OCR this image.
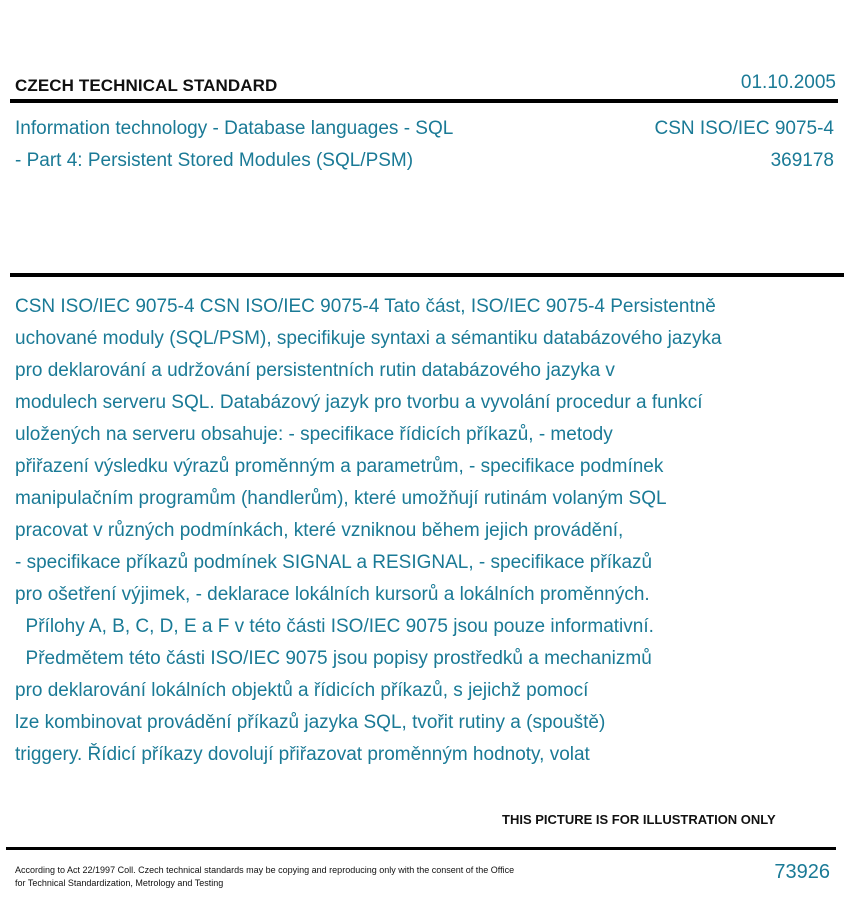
CZECH TECHNICAL STANDARD	01.10.2005
Information technology - Database languages - SQL
- Part 4: Persistent Stored Modules (SQL/PSM)
CSN ISO/IEC 9075-4
369178
CSN ISO/IEC 9075-4 CSN ISO/IEC 9075-4 Tato část, ISO/IEC 9075-4 Persistentně
uchované moduly (SQL/PSM), specifikuje syntaxi a sémantiku databázového jazyka
pro deklarování a udržování persistentních rutin databázového jazyka v
modulech serveru SQL. Databázový jazyk pro tvorbu a vyvolání procedur a funkcí
uložených na serveru obsahuje: - specifikace řídicích příkazů, - metody
přiřazení výsledku výrazů proměnným a parametrům, - specifikace podmínek
manipulačním programům (handlerům), které umožňují rutinám volaným SQL
pracovat v různých podmínkách, které vzniknou během jejich provádění,
- specifikace příkazů podmínek SIGNAL a RESIGNAL, - specifikace příkazů
pro ošetření výjimek, - deklarace lokálních kursorů a lokálních proměnných.
Přílohy A, B, C, D, E a F v této části ISO/IEC 9075 jsou pouze informativní.
Předmětem této části ISO/IEC 9075 jsou popisy prostředků a mechanizmů
pro deklarování lokálních objektů a řídicích příkazů, s jejichž pomocí
lze kombinovat provádění příkazů jazyka SQL, tvořit rutiny a (spouště)
triggery. Řídicí příkazy dovolují přiřazovat proměnným hodnoty, volat
THIS PICTURE IS FOR ILLUSTRATION ONLY
According to Act 22/1997 Coll. Czech technical standards may be copying and reproducing only with the consent of the Office
for Technical Standardization, Metrology and Testing	73926
